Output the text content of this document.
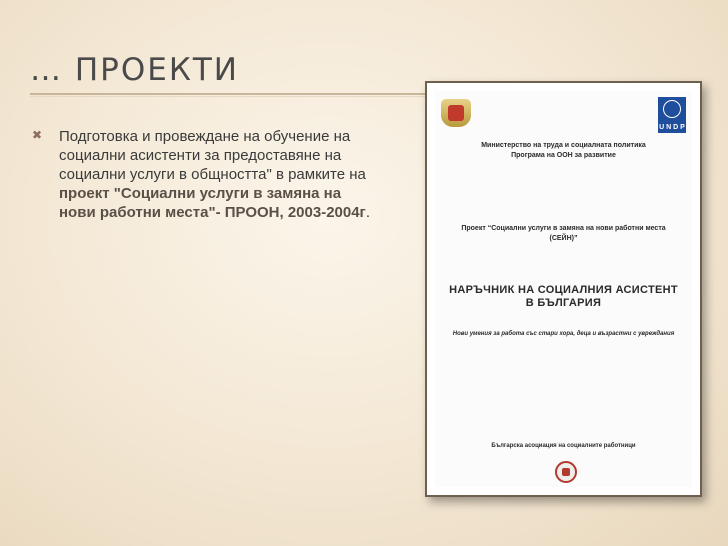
… ПРОЕКТИ
✖ Подготовка и провеждане на обучение на социални асистенти за предоставяне на социални услуги в общността" в рамките на проект "Социални услуги в замяна на нови работни места"- ПРООН, 2003-2004г.

U N D P
Министерство на труда и социалната политика
Програма на ООН за развитие
Проект “Социални услуги в замяна на нови работни места
(СЕЙН)”
НАРЪЧНИК НА СОЦИАЛНИЯ АСИСТЕНТ
В БЪЛГАРИЯ
Нови умения за работа със стари хора, деца и възрастни с увреждания
Българска асоциация на социалните работници
